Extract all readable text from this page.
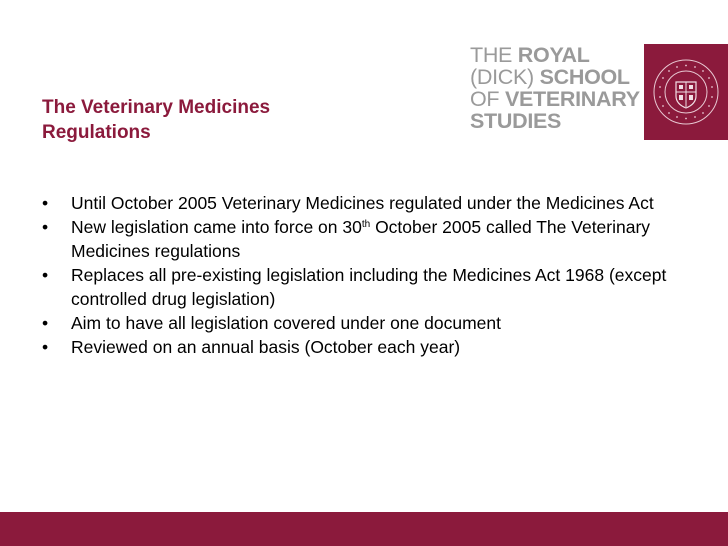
The Veterinary Medicines
Regulations
THE ROYAL
(DICK) SCHOOL
OF VETERINARY
STUDIES
• Until October 2005 Veterinary Medicines regulated under the Medicines Act
• New legislation came into force on 30th October 2005 called The Veterinary Medicines regulations
• Replaces all pre-existing legislation including the Medicines Act 1968 (except controlled drug legislation)
• Aim to have all legislation covered under one document
• Reviewed on an annual basis (October each year)
